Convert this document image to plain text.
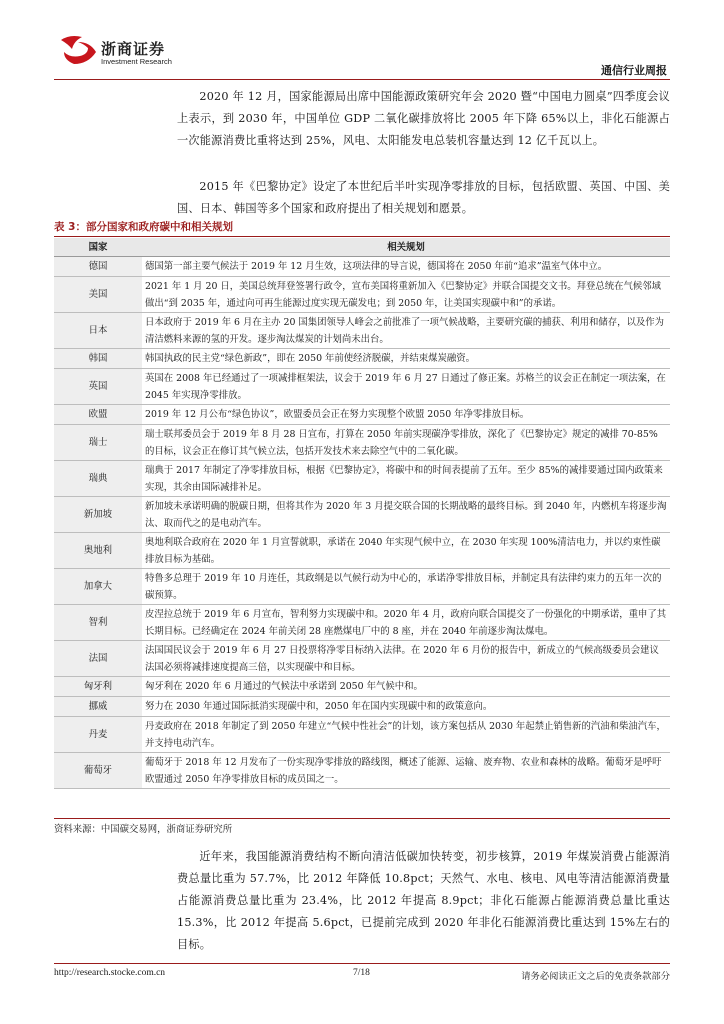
浙商证券
Investment Research
通信行业周报

2020 年 12 月，国家能源局出席中国能源政策研究年会 2020 暨“中国电力圆桌”四季度会议上表示，到 2030 年，中国单位 GDP 二氧化碳排放将比 2005 年下降 65%以上，非化石能源占一次能源消费比重将达到 25%，风电、太阳能发电总装机容量达到 12 亿千瓦以上。

2015 年《巴黎协定》设定了本世纪后半叶实现净零排放的目标，包括欧盟、英国、中国、美国、日本、韩国等多个国家和政府提出了相关规划和愿景。

表 3：部分国家和政府碳中和相关规划
国家	相关规划
德国	德国第一部主要气候法于 2019 年 12 月生效，这项法律的导言说，德国将在 2050 年前“追求”温室气体中立。
美国	2021 年 1 月 20 日，美国总统拜登签署行政令，宣布美国将重新加入《巴黎协定》并联合国提交文书。拜登总统在气候邻域做出“到 2035 年，通过向可再生能源过度实现无碳发电；到 2050 年，让美国实现碳中和”的承诺。
日本	日本政府于 2019 年 6 月在主办 20 国集团领导人峰会之前批准了一项气候战略，主要研究碳的捕获、利用和储存，以及作为清洁燃料来源的氢的开发。逐步淘汰煤炭的计划尚未出台。
韩国	韩国执政的民主党“绿色新政”，即在 2050 年前使经济脱碳，并结束煤炭融资。
英国	英国在 2008 年已经通过了一项减排框架法，议会于 2019 年 6 月 27 日通过了修正案。苏格兰的议会正在制定一项法案，在 2045 年实现净零排放。
欧盟	2019 年 12 月公布“绿色协议”，欧盟委员会正在努力实现整个欧盟 2050 年净零排放目标。
瑞士	瑞士联邦委员会于 2019 年 8 月 28 日宣布，打算在 2050 年前实现碳净零排放，深化了《巴黎协定》规定的减排 70-85%的目标，议会正在修订其气候立法，包括开发技术来去除空气中的二氧化碳。
瑞典	瑞典于 2017 年制定了净零排放目标，根据《巴黎协定》，将碳中和的时间表提前了五年。至少 85%的减排要通过国内政策来实现，其余由国际减排补足。
新加坡	新加坡未承诺明确的脱碳日期，但将其作为 2020 年 3 月提交联合国的长期战略的最终目标。到 2040 年，内燃机车将逐步淘汰、取而代之的是电动汽车。
奥地利	奥地利联合政府在 2020 年 1 月宣誓就职，承诺在 2040 年实现气候中立，在 2030 年实现 100%清洁电力，并以约束性碳排放目标为基础。
加拿大	特鲁多总理于 2019 年 10 月连任，其政纲是以气候行动为中心的，承诺净零排放目标，并制定具有法律约束力的五年一次的碳预算。
智利	皮涅拉总统于 2019 年 6 月宣布，智利努力实现碳中和。2020 年 4 月，政府向联合国提交了一份强化的中期承诺，重申了其长期目标。已经确定在 2024 年前关闭 28 座燃煤电厂中的 8 座，并在 2040 年前逐步淘汰煤电。
法国	法国国民议会于 2019 年 6 月 27 日投票将净零目标纳入法律。在 2020 年 6 月份的报告中，新成立的气候高级委员会建议法国必须将减排速度提高三倍，以实现碳中和目标。
匈牙利	匈牙利在 2020 年 6 月通过的气候法中承诺到 2050 年气候中和。
挪威	努力在 2030 年通过国际抵消实现碳中和，2050 年在国内实现碳中和的政策意向。
丹麦	丹麦政府在 2018 年制定了到 2050 年建立“气候中性社会”的计划，该方案包括从 2030 年起禁止销售新的汽油和柴油汽车，并支持电动汽车。
葡萄牙	葡萄牙于 2018 年 12 月发布了一份实现净零排放的路线图，概述了能源、运输、废弃物、农业和森林的战略。葡萄牙是呼吁欧盟通过 2050 年净零排放目标的成员国之一。
资料来源：中国碳交易网，浙商证券研究所

近年来，我国能源消费结构不断向清洁低碳加快转变，初步核算，2019 年煤炭消费占能源消费总量比重为 57.7%，比 2012 年降低 10.8pct；天然气、水电、核电、风电等清洁能源消费量占能源消费总量比重为 23.4%，比 2012 年提高 8.9pct；非化石能源占能源消费总量比重达 15.3%，比 2012 年提高 5.6pct，已提前完成到 2020 年非化石能源消费比重达到 15%左右的目标。

http://research.stocke.com.cn	7/18	请务必阅读正文之后的免责条款部分
